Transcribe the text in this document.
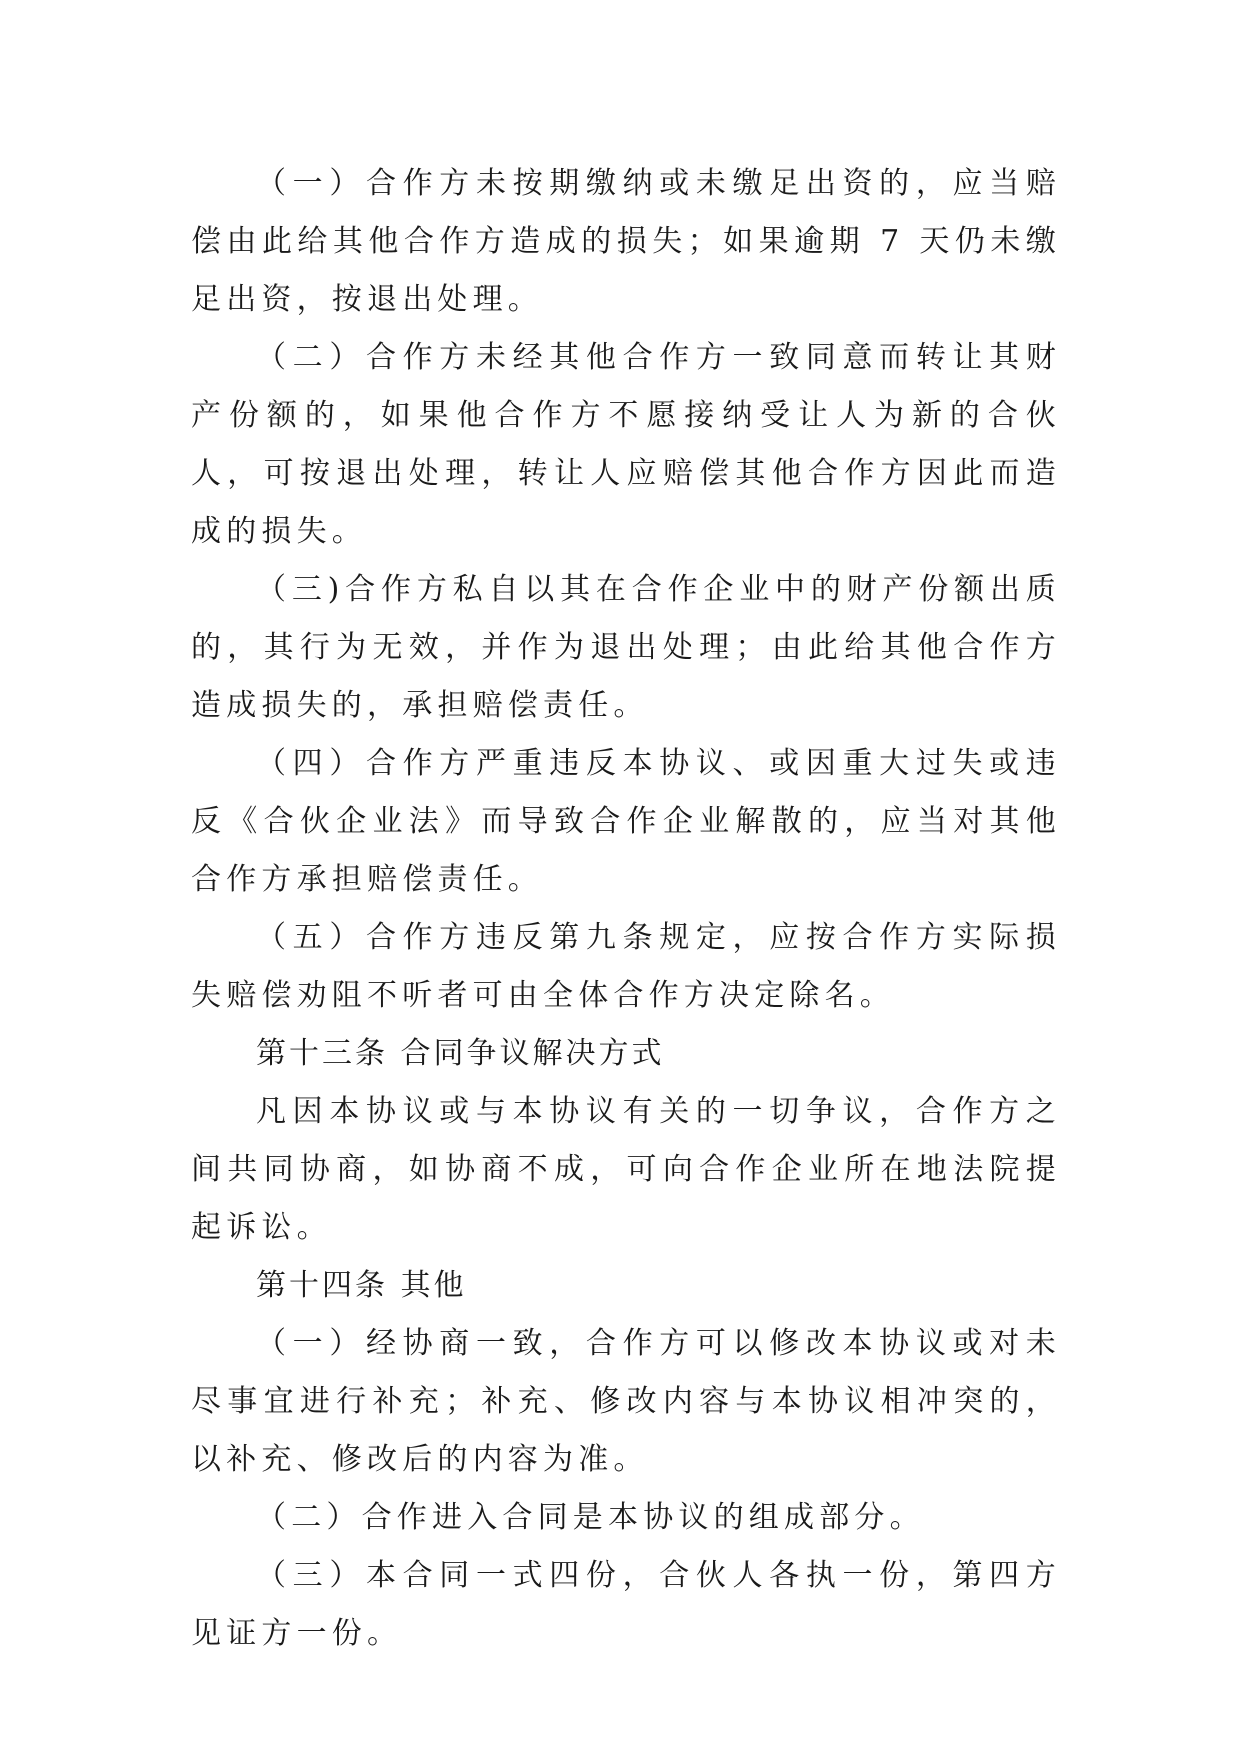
（一）合作方未按期缴纳或未缴足出资的，应当赔偿由此给其他合作方造成的损失；如果逾期 7 天仍未缴足出资，按退出处理。

（二）合作方未经其他合作方一致同意而转让其财产份额的，如果他合作方不愿接纳受让人为新的合伙人，可按退出处理，转让人应赔偿其他合作方因此而造成的损失。

（三)合作方私自以其在合作企业中的财产份额出质的，其行为无效，并作为退出处理；由此给其他合作方造成损失的，承担赔偿责任。

（四）合作方严重违反本协议、或因重大过失或违反《合伙企业法》而导致合作企业解散的，应当对其他合作方承担赔偿责任。

（五）合作方违反第九条规定，应按合作方实际损失赔偿劝阻不听者可由全体合作方决定除名。

第十三条 合同争议解决方式

凡因本协议或与本协议有关的一切争议，合作方之间共同协商，如协商不成，可向合作企业所在地法院提起诉讼。

第十四条 其他

（一）经协商一致，合作方可以修改本协议或对未尽事宜进行补充；补充、修改内容与本协议相冲突的，以补充、修改后的内容为准。

（二）合作进入合同是本协议的组成部分。

（三）本合同一式四份，合伙人各执一份，第四方见证方一份。
